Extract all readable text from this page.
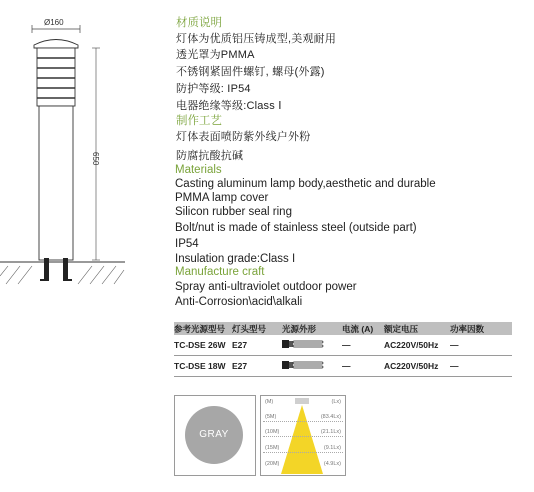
Ø160
650
材质说明
灯体为优质铝压铸成型,美观耐用
透光罩为PMMA
不锈钢紧固件螺钉, 螺母(外露)
防护等级: IP54
电器绝缘等级:Class Ⅰ
制作工艺
灯体表面喷防紫外线户外粉
防腐抗酸抗碱
Materials
Casting aluminum lamp body,aesthetic and durable
PMMA lamp cover
Silicon rubber seal ring
Bolt/nut is made of stainless steel (outside part)
IP54
Insulation grade:Class I
Manufacture craft
Spray anti-ultraviolet outdoor power
Anti-Corrosion\acid\alkali
参考光源型号	灯头型号	光源外形	电流 (A)	额定电压	功率因数
TC-DSE 26W	E27		—	AC220V/50Hz	—
TC-DSE 18W	E27		—	AC220V/50Hz	—
GRAY
(M)	(Lx)
(5M)	(83.4Lx)
(10M)	(21.1Lx)
(15M)	(9.1Lx)
(20M)	(4.9Lx)
